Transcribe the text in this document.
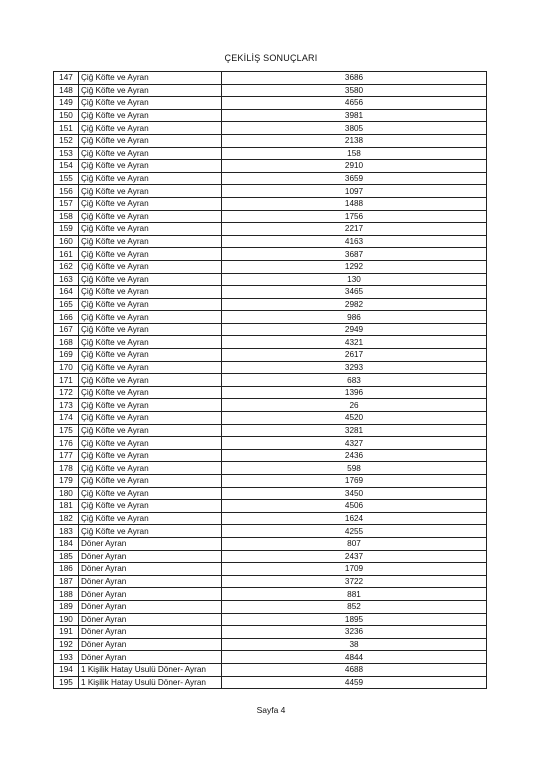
ÇEKİLİŞ SONUÇLARI
147	Çiğ Köfte ve Ayran	3686
148	Çiğ Köfte ve Ayran	3580
149	Çiğ Köfte ve Ayran	4656
150	Çiğ Köfte ve Ayran	3981
151	Çiğ Köfte ve Ayran	3805
152	Çiğ Köfte ve Ayran	2138
153	Çiğ Köfte ve Ayran	158
154	Çiğ Köfte ve Ayran	2910
155	Çiğ Köfte ve Ayran	3659
156	Çiğ Köfte ve Ayran	1097
157	Çiğ Köfte ve Ayran	1488
158	Çiğ Köfte ve Ayran	1756
159	Çiğ Köfte ve Ayran	2217
160	Çiğ Köfte ve Ayran	4163
161	Çiğ Köfte ve Ayran	3687
162	Çiğ Köfte ve Ayran	1292
163	Çiğ Köfte ve Ayran	130
164	Çiğ Köfte ve Ayran	3465
165	Çiğ Köfte ve Ayran	2982
166	Çiğ Köfte ve Ayran	986
167	Çiğ Köfte ve Ayran	2949
168	Çiğ Köfte ve Ayran	4321
169	Çiğ Köfte ve Ayran	2617
170	Çiğ Köfte ve Ayran	3293
171	Çiğ Köfte ve Ayran	683
172	Çiğ Köfte ve Ayran	1396
173	Çiğ Köfte ve Ayran	26
174	Çiğ Köfte ve Ayran	4520
175	Çiğ Köfte ve Ayran	3281
176	Çiğ Köfte ve Ayran	4327
177	Çiğ Köfte ve Ayran	2436
178	Çiğ Köfte ve Ayran	598
179	Çiğ Köfte ve Ayran	1769
180	Çiğ Köfte ve Ayran	3450
181	Çiğ Köfte ve Ayran	4506
182	Çiğ Köfte ve Ayran	1624
183	Çiğ Köfte ve Ayran	4255
184	Döner Ayran	807
185	Döner Ayran	2437
186	Döner Ayran	1709
187	Döner Ayran	3722
188	Döner Ayran	881
189	Döner Ayran	852
190	Döner Ayran	1895
191	Döner Ayran	3236
192	Döner Ayran	38
193	Döner Ayran	4844
194	1 Kişilik Hatay Usulü Döner- Ayran	4688
195	1 Kişilik Hatay Usulü Döner- Ayran	4459
Sayfa 4
